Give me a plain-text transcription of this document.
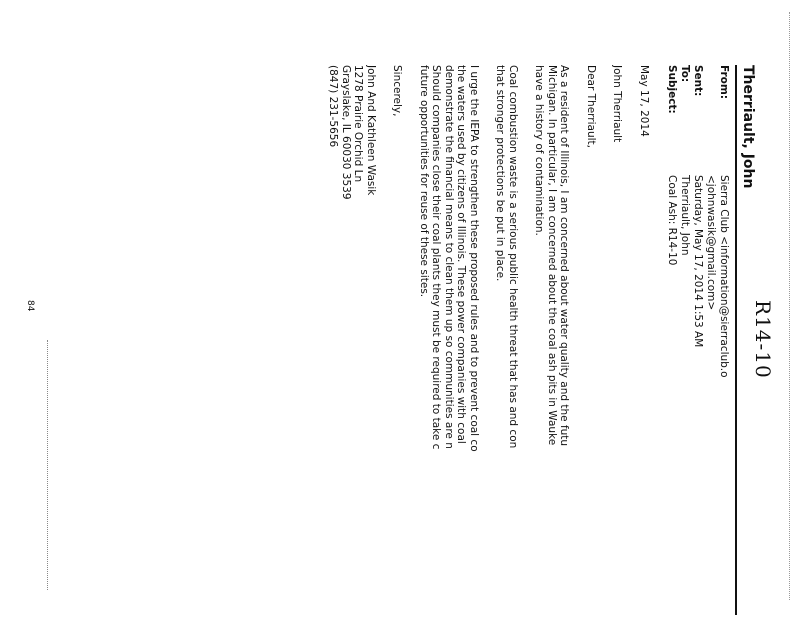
R14-10
Therriault, John
From:
Sierra Club <information@sierraclub.o
<johnwasik@gmail.com>
Sent:
Saturday, May 17, 2014 1:53 AM
To:
Therriault, John
Subject:
Coal Ash: R14-10

May 17, 2014

John Therriault

Dear Therriault,

As a resident of Illinois, I am concerned about water quality and the futu
Michigan. In particular, I am concerned about the coal ash pits in Wauke
have a history of contamination.

Coal combustion waste is a serious public health threat that has and con
that stronger protections be put in place.

I urge the IEPA to strengthen these proposed rules and to prevent coal co
the waters used by citizens of Illinois. These power companies with coal
demonstrate the financial means to clean them up so communities are n
Should companies close their coal plants they must be required to take c
future opportunities for reuse of these sites.

Sincerely,

John And Kathleen Wasik
1278 Prairie Orchid Ln
Grayslake, IL 60030 3539
(847) 231-5656

84
